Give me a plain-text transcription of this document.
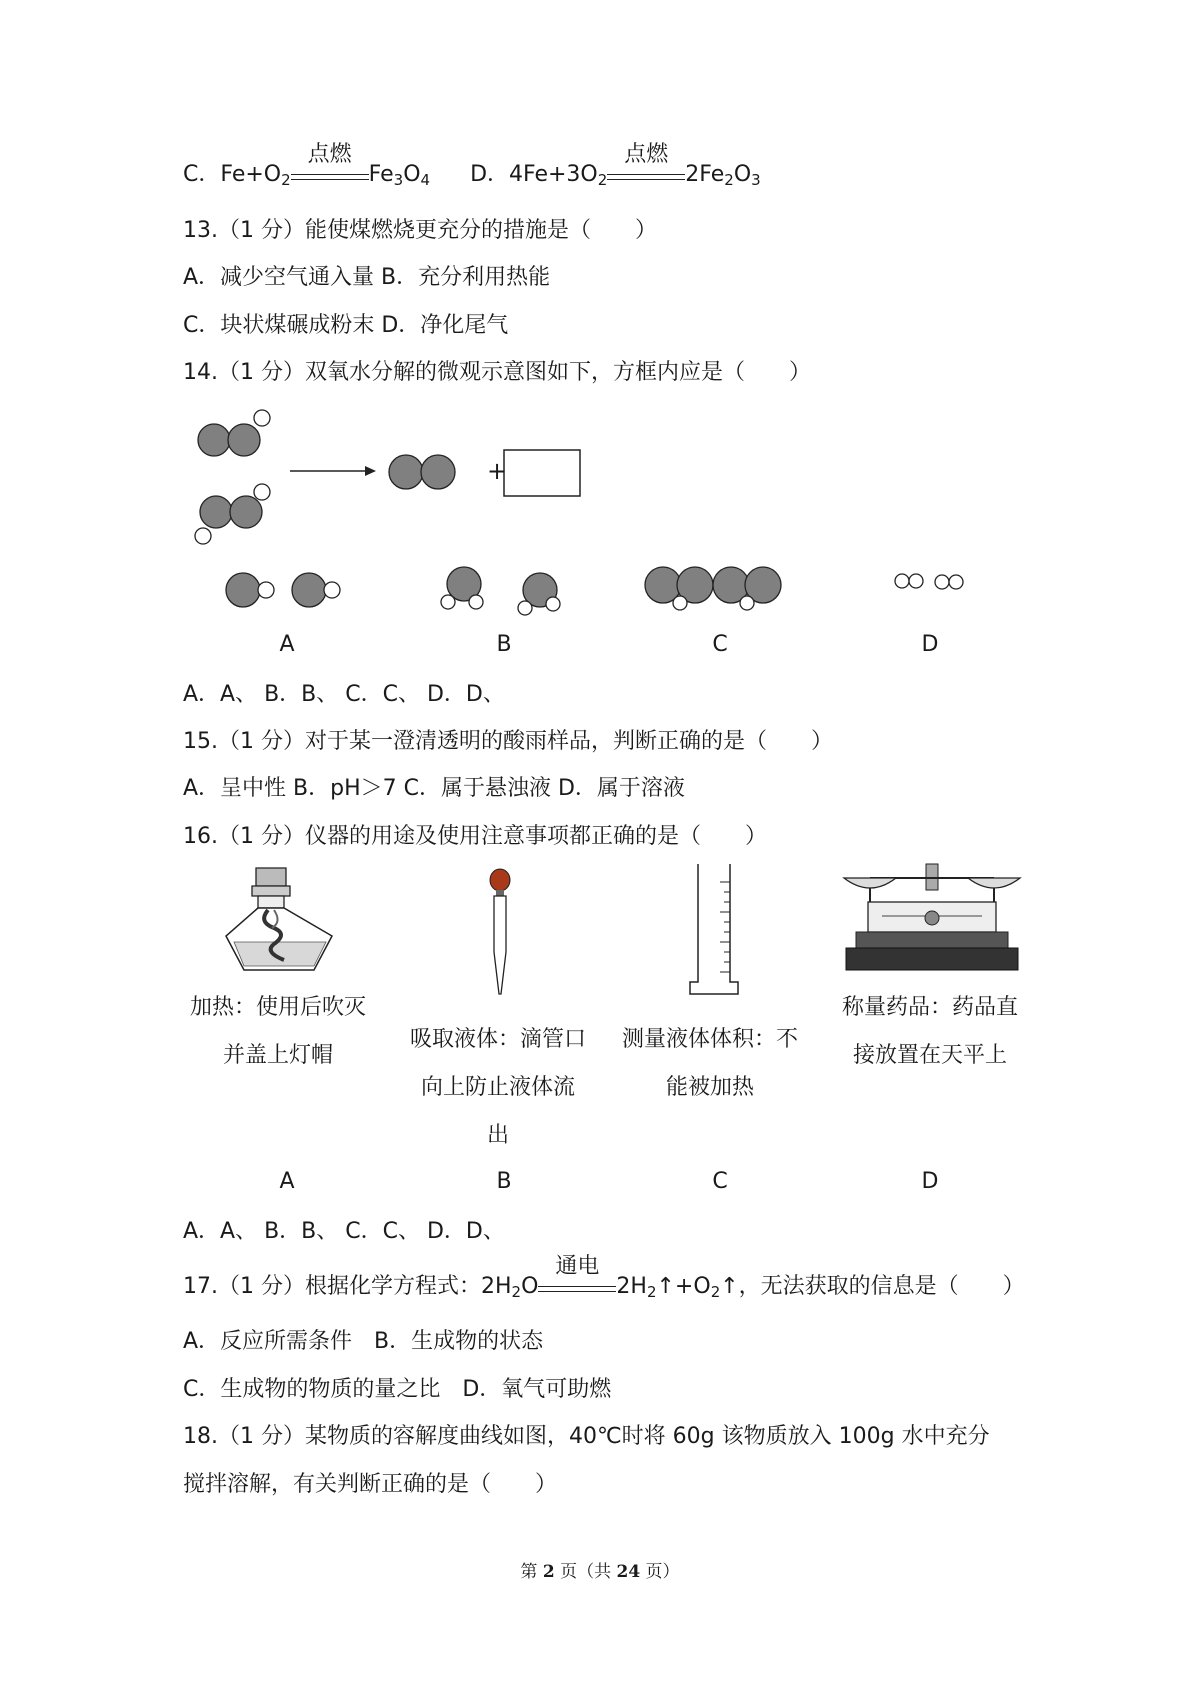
C．$Fe+O_2$
点燃
$Fe_3O_4$ D．$4Fe+3O_2$
点燃
$2Fe_2O_3$
13.（1 分）能使煤燃烧更充分的措施是（　　）
A．减少空气通入量 B．充分利用热能
C．块状煤碾成粉末 D．净化尾气
14.（1 分）双氧水分解的微观示意图如下，方框内应是（　　）
+
A	B	C	D
A．A、 B．B、 C．C、 D．D、
15.（1 分）对于某一澄清透明的酸雨样品，判断正确的是（　　）
A．呈中性 B．pH＞7 C．属于悬浊液 D．属于溶液
16.（1 分）仪器的用途及使用注意事项都正确的是（　　）
加热：使用后吹灭
并盖上灯帽
吸取液体：滴管口
向上防止液体流
出
测量液体体积：不
能被加热
称量药品：药品直
接放置在天平上
A	B	C	D
A．A、 B．B、 C．C、 D．D、
17.（1 分）根据化学方程式：$2H_2O$
通电
$2H_2↑+O_2↑$，无法获取的信息是（　　）
A．反应所需条件　B．生成物的状态
C．生成物的物质的量之比　D．氧气可助燃
18.（1 分）某物质的容解度曲线如图，40℃时将 60g 该物质放入 100g 水中充分
搅拌溶解，有关判断正确的是（　　）
第 2 页（共 24 页）
